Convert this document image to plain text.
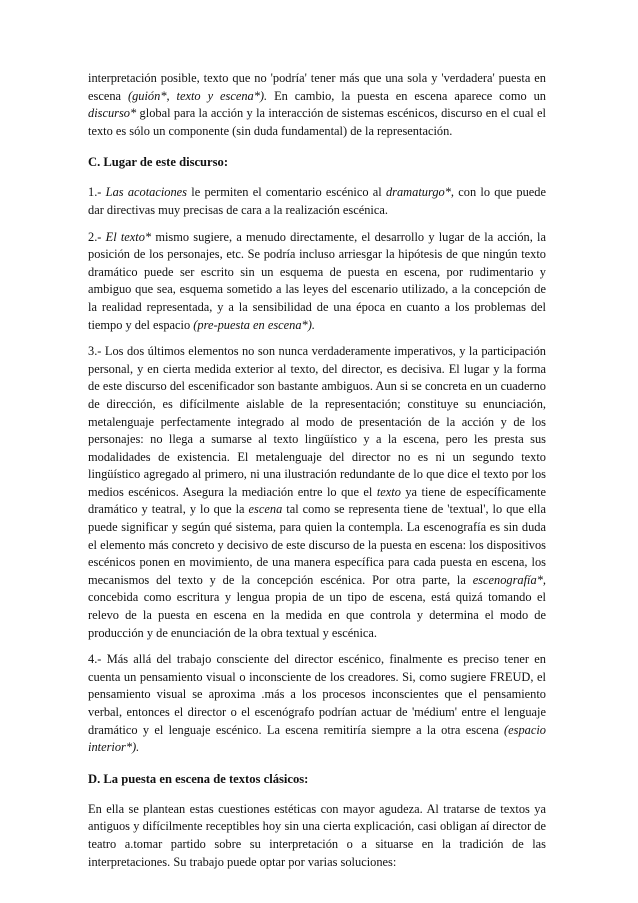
interpretación posible, texto que no 'podría' tener más que una sola y 'verdadera' puesta en escena (guión*, texto y escena*). En cambio, la puesta en escena aparece como un discurso* global para la acción y la interacción de sistemas escénicos, discurso en el cual el texto es sólo un componente (sin duda fundamental) de la representación.

C. Lugar de este discurso:

1.- Las acotaciones le permiten el comentario escénico al dramaturgo*, con lo que puede dar directivas muy precisas de cara a la realización escénica.

2.- El texto* mismo sugiere, a menudo directamente, el desarrollo y lugar de la acción, la posición de los personajes, etc. Se podría incluso arriesgar la hipótesis de que ningún texto dramático puede ser escrito sin un esquema de puesta en escena, por rudimentario y ambiguo que sea, esquema sometido a las leyes del escenario utilizado, a la concepción de la realidad representada, y a la sensibilidad de una época en cuanto a los problemas del tiempo y del espacio (pre-puesta en escena*).

3.- Los dos últimos elementos no son nunca verdaderamente imperativos, y la participación personal, y en cierta medida exterior al texto, del director, es decisiva. El lugar y la forma de este discurso del escenificador son bastante ambiguos. Aun si se concreta en un cuaderno de dirección, es difícilmente aislable de la representación; constituye su enunciación, metalenguaje perfectamente integrado al modo de presentación de la acción y de los personajes: no llega a sumarse al texto lingüístico y a la escena, pero les presta sus modalidades de existencia. El metalenguaje del director no es ni un segundo texto lingüístico agregado al primero, ni una ilustración redundante de lo que dice el texto por los medios escénicos. Asegura la mediación entre lo que el texto ya tiene de específicamente dramático y teatral, y lo que la escena tal como se representa tiene de 'textual', lo que ella puede significar y según qué sistema, para quien la contempla. La escenografía es sin duda el elemento más concreto y decisivo de este discurso de la puesta en escena: los dispositivos escénicos ponen en movimiento, de una manera específica para cada puesta en escena, los mecanismos del texto y de la concepción escénica. Por otra parte, la escenografía*, concebida como escritura y lengua propia de un tipo de escena, está quizá tomando el relevo de la puesta en escena en la medida en que controla y determina el modo de producción y de enunciación de la obra textual y escénica.

4.- Más allá del trabajo consciente del director escénico, finalmente es preciso tener en cuenta un pensamiento visual o inconsciente de los creadores. Si, como sugiere FREUD, el pensamiento visual se aproxima .más a los procesos inconscientes que el pensamiento verbal, entonces el director o el escenógrafo podrían actuar de 'médium' entre el lenguaje dramático y el lenguaje escénico. La escena remitiría siempre a la otra escena (espacio interior*).

D. La puesta en escena de textos clásicos:

En ella se plantean estas cuestiones estéticas con mayor agudeza. Al tratarse de textos ya antiguos y difícilmente receptibles hoy sin una cierta explicación, casi obligan aí director de teatro a.tomar partido sobre su interpretación o a situarse en la tradición de las interpretaciones. Su trabajo puede optar por varias soluciones:
